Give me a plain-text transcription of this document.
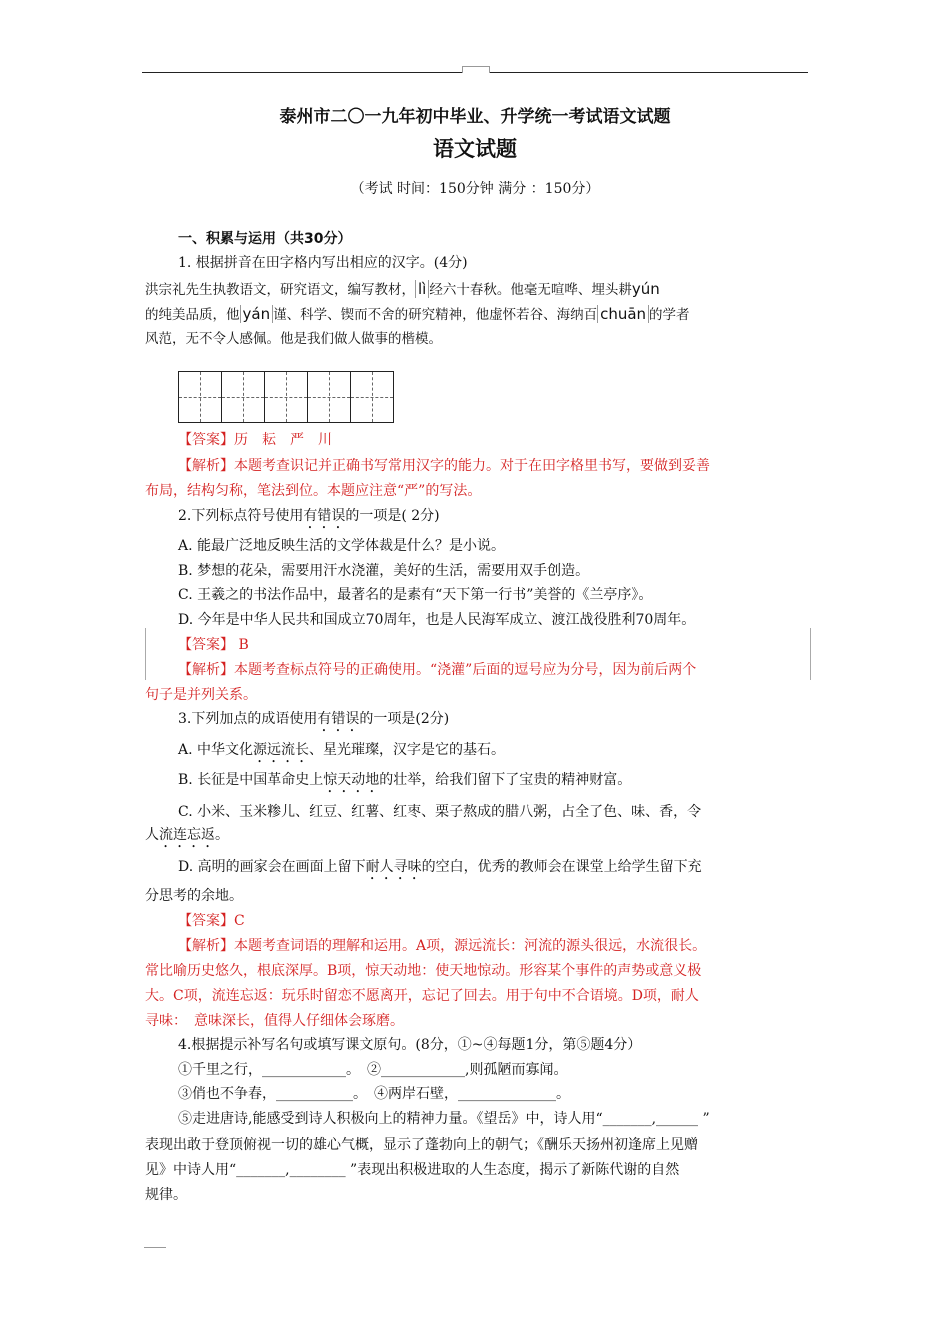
泰州市二〇一九年初中毕业、升学统一考试语文试题
语文试题
（考试 时间：150分钟 满分 ：150分）
一、积累与运用（共30分）
1. 根据拼音在田字格内写出相应的汉字。(4分)
洪宗礼先生执教语文，研究语文，编写教材， lì 经六十春秋。他毫无喧哗、埋头耕yún
的纯美品质，他 yán 谨、科学、锲而不舍的研究精神，他虚怀若谷、海纳百 chuān 的学者
风范，无不令人感佩。他是我们做人做事的楷模。
【答案】历　耘　严　川
【解析】本题考查识记并正确书写常用汉字的能力。对于在田字格里书写，要做到妥善
布局，结构匀称，笔法到位。本题应注意“严”的写法。
2.下列标点符号使用有错误的一项是( 2分)
A. 能最广泛地反映生活的文学体裁是什么？是小说。
B. 梦想的花朵，需要用汗水浇灌，美好的生活，需要用双手创造。
C. 王羲之的书法作品中，最著名的是素有“天下第一行书”美誉的《兰亭序》。
D. 今年是中华人民共和国成立70周年，也是人民海军成立、渡江战役胜利70周年。
【答案】 B
【解析】本题考查标点符号的正确使用。“浇灌”后面的逗号应为分号，因为前后两个
句子是并列关系。
3.下列加点的成语使用有错误的一项是(2分)
A. 中华文化源远流长、星光璀璨，汉字是它的基石。
B. 长征是中国革命史上惊天动地的壮举，给我们留下了宝贵的精神财富。
C. 小米、玉米糁儿、红豆、红薯、红枣、栗子熬成的腊八粥，占全了色、味、香，令
人流连忘返。
D. 高明的画家会在画面上留下耐人寻味的空白，优秀的教师会在课堂上给学生留下充
分思考的余地。
【答案】C
【解析】本题考查词语的理解和运用。A项，源远流长：河流的源头很远，水流很长。
常比喻历史悠久，根底深厚。B项，惊天动地：使天地惊动。形容某个事件的声势或意义极
大。C项，流连忘返：玩乐时留恋不愿离开，忘记了回去。用于句中不合语境。D项，耐人
寻味：　意味深长，值得人仔细体会琢磨。
4.根据提示补写名句或填写课文原句。(8分，①~④每题1分，第⑤题4分）
①千里之行，____________。　②____________,则孤陋而寡闻。
③俏也不争春，___________。　④两岸石壁，______________。
⑤走进唐诗,能感受到诗人积极向上的精神力量。《望岳》中，诗人用“_______,______ ”
表现出敢于登顶俯视一切的雄心气概，显示了蓬勃向上的朝气；《酬乐天扬州初逢席上见赠
见》中诗人用“_______,________ ”表现出积极进取的人生态度，揭示了新陈代谢的自然
规律。
